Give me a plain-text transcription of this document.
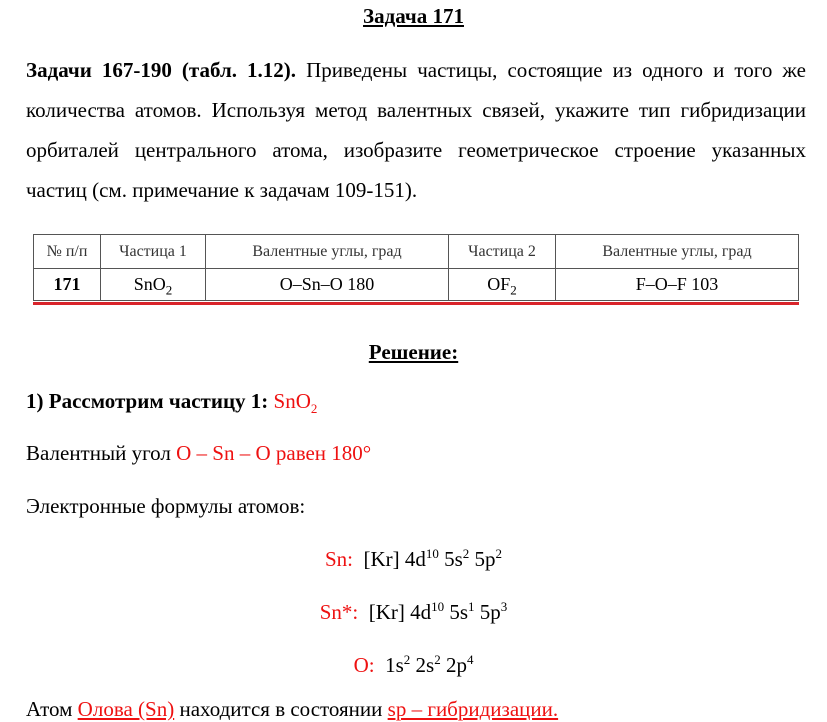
Задача 171
Задачи 167-190 (табл. 1.12). Приведены частицы, состоящие из одного и того же количества атомов. Используя метод валентных связей, укажите тип гибридизации орбиталей центрального атома, изобразите геометрическое строение указанных частиц (см. примечание к задачам 109-151).
№ п/п	Частица 1	Валентные углы, град	Частица 2	Валентные углы, град
171	SnO$_2$	O–Sn–O 180	$OF_2$	F–O–F 103
Решение:
1) Рассмотрим частицу 1: SnO$_2$
Валентный угол O – Sn – O равен 180°
Электронные формулы атомов:
Sn: [Kr] $4d^{10}$ $5s^2$ $5p^2$
Sn*: [Kr] $4d^{10}$ $5s^1$ $5p^3$
O: $1s^2$ $2s^2$ $2p^4$
Атом Олова (Sn) находится в состоянии sp – гибридизации.
